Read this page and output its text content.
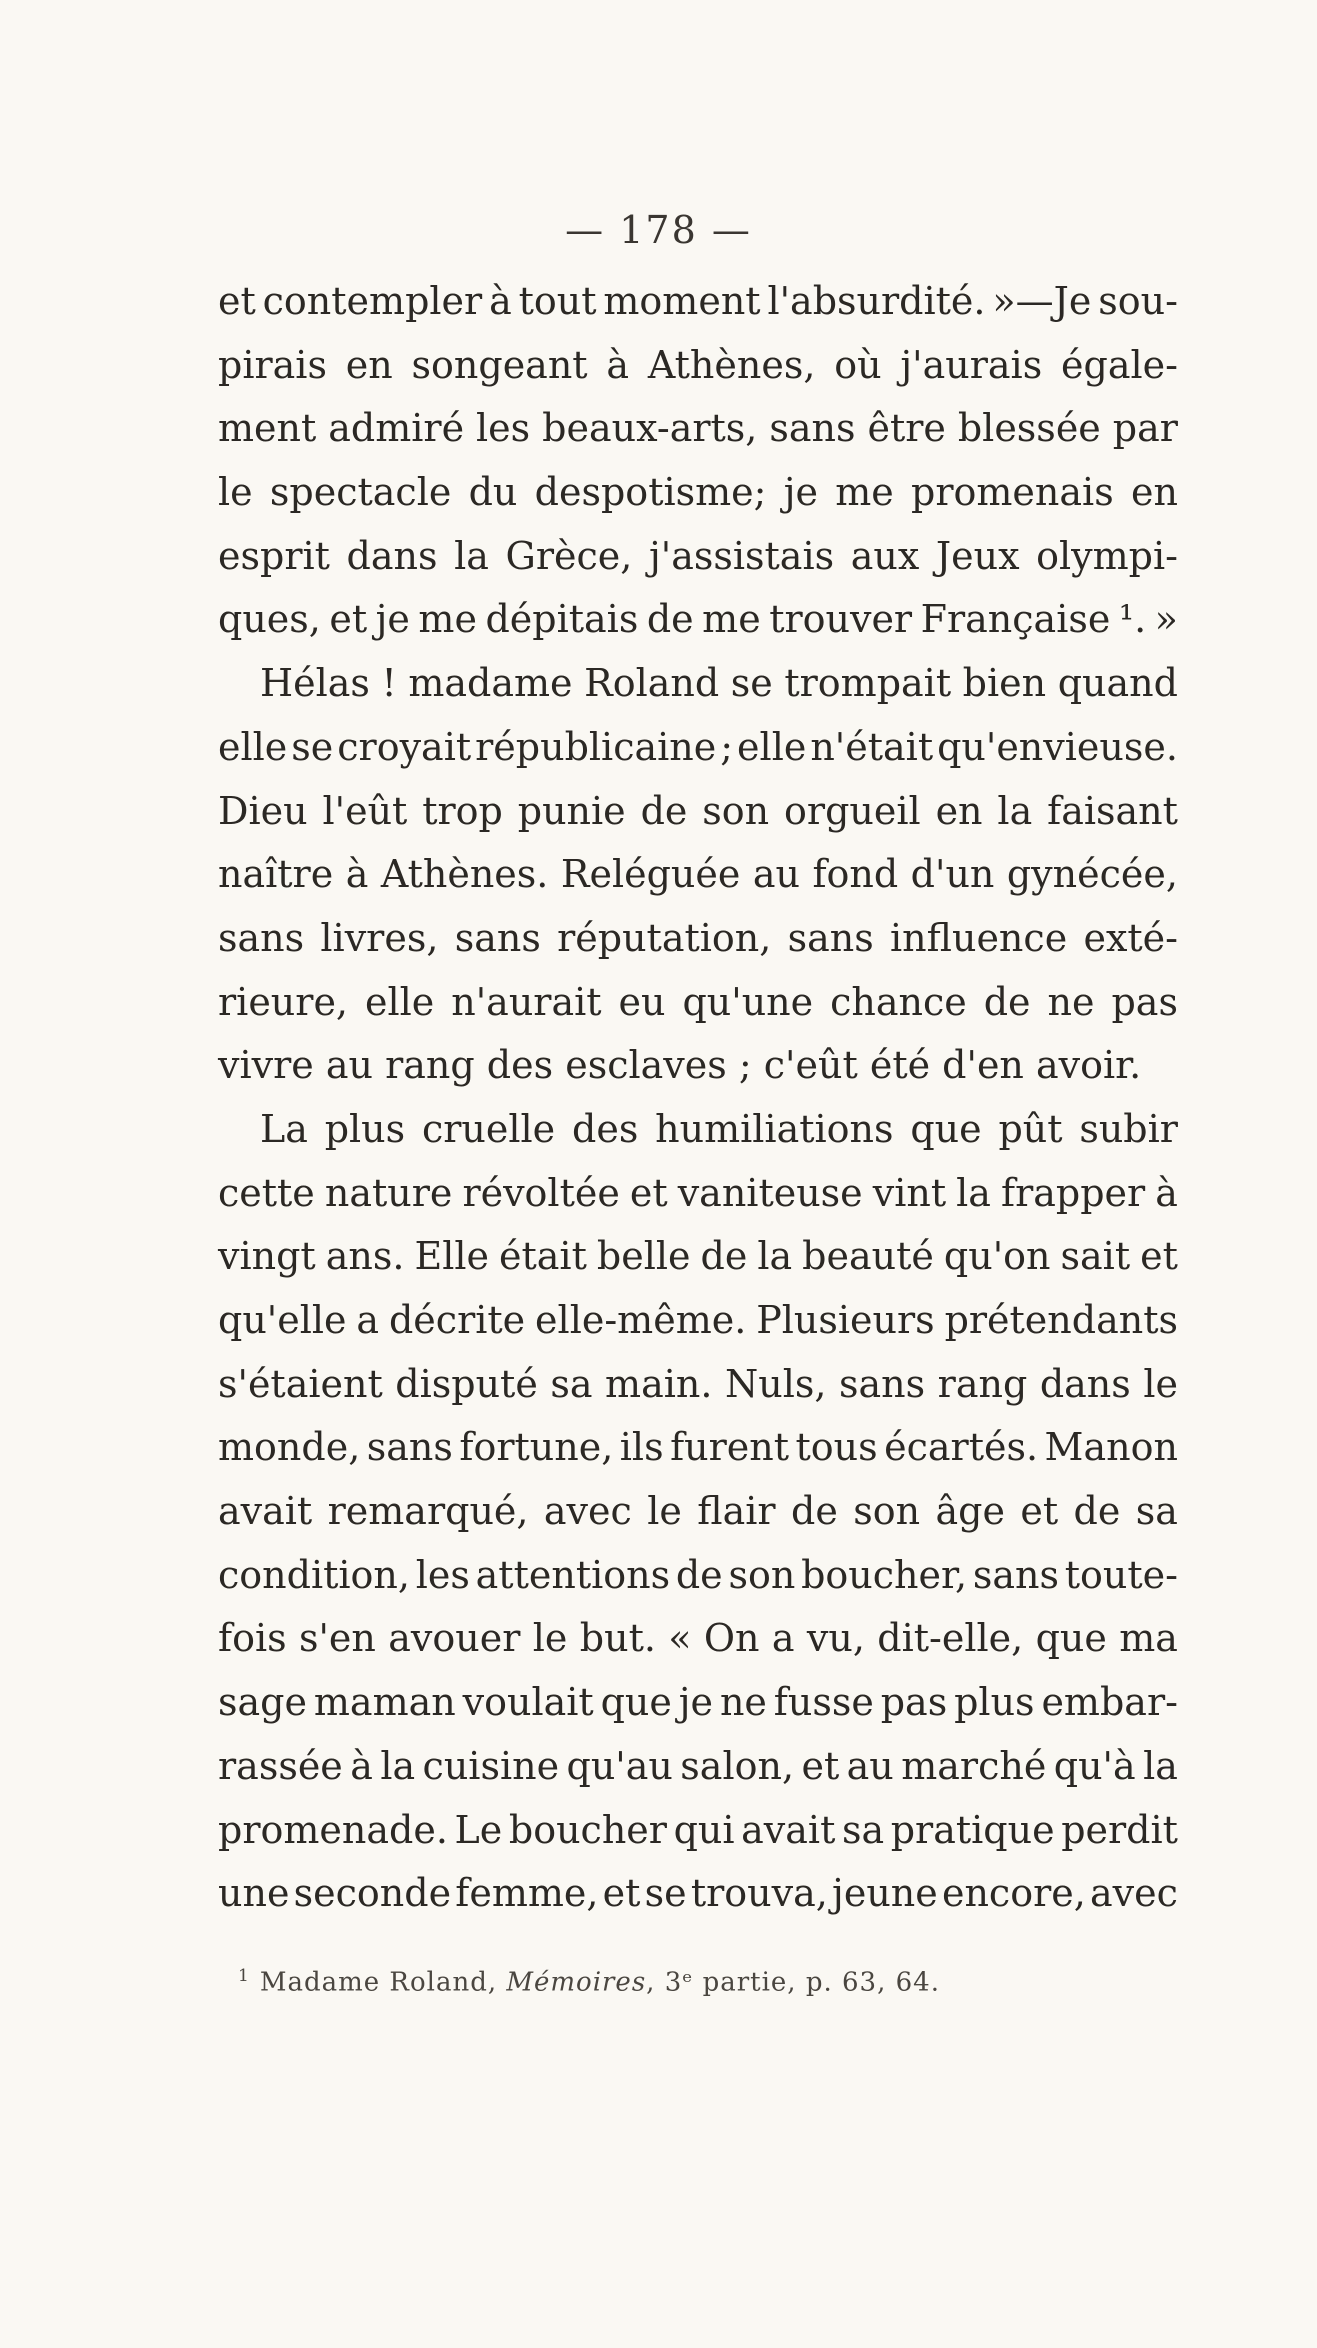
— 178 —
et contempler à tout moment l'absurdité. »—Je sou-
pirais en songeant à Athènes, où j'aurais égale-
ment admiré les beaux-arts, sans être blessée par
le spectacle du despotisme; je me promenais en
esprit dans la Grèce, j'assistais aux Jeux olympi-
ques, et je me dépitais de me trouver Française ¹. »
Hélas ! madame Roland se trompait bien quand
elle se croyait républicaine ; elle n'était qu'envieuse.
Dieu l'eût trop punie de son orgueil en la faisant
naître à Athènes. Reléguée au fond d'un gynécée,
sans livres, sans réputation, sans influence exté-
rieure, elle n'aurait eu qu'une chance de ne pas
vivre
au
rang
des
esclaves
;
c'eût
été
d'en
avoir.
La plus cruelle des humiliations que pût subir
cette nature révoltée et vaniteuse vint la frapper à
vingt ans. Elle était belle de la beauté qu'on sait et
qu'elle a décrite elle-même. Plusieurs prétendants
s'étaient disputé sa main. Nuls, sans rang dans le
monde, sans fortune, ils furent tous écartés. Manon
avait remarqué, avec le flair de son âge et de sa
condition, les attentions de son boucher, sans toute-
fois s'en avouer le but. « On a vu, dit-elle, que ma
sage maman voulait que je ne fusse pas plus embar-
rassée à la cuisine qu'au salon, et au marché qu'à la
promenade. Le boucher qui avait sa pratique perdit
une seconde femme, et se trouva, jeune encore, avec
$^1$ Madame Roland, Mémoires, 3ᵉ partie, p. 63, 64.
